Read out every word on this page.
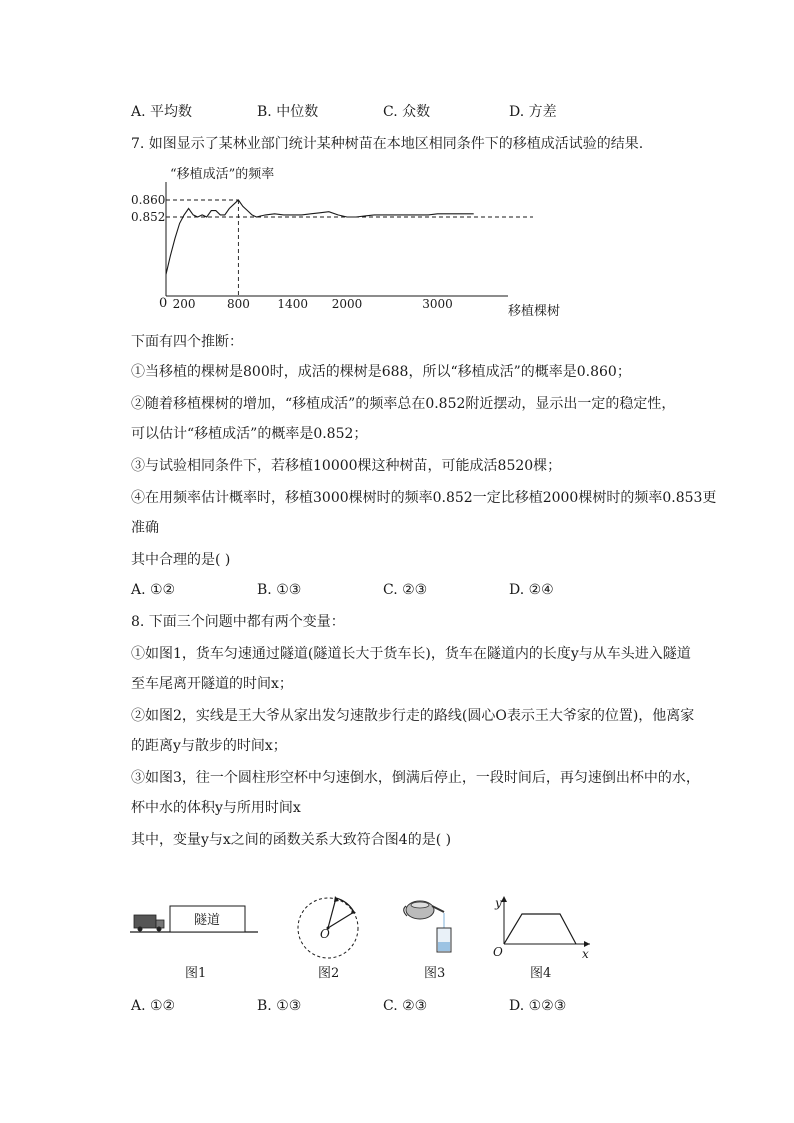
A. 平均数	B. 中位数	C. 众数	D. 方差
7. 如图显示了某林业部门统计某种树苗在本地区相同条件下的移植成活试验的结果.
“移植成活”的频率
移植棵树
0
0.860
0.852
200	800 1400 2000	3000
下面有四个推断：
①当移植的棵树是800时，成活的棵树是688，所以“移植成活”的概率是0.860；
②随着移植棵树的增加，“移植成活”的频率总在0.852附近摆动，显示出一定的稳定性，
可以估计“移植成活”的概率是0.852；
③与试验相同条件下，若移植10000棵这种树苗，可能成活8520棵；
④在用频率估计概率时，移植3000棵树时的频率0.852一定比移植2000棵树时的频率0.853更
准确
其中合理的是( )
A. ①②	B. ①③	C. ②③	D. ②④
8. 下面三个问题中都有两个变量：
①如图1，货车匀速通过隧道(隧道长大于货车长)，货车在隧道内的长度y与从车头进入隧道
至车尾离开隧道的时间x；
②如图2，实线是王大爷从家出发匀速散步行走的路线(圆心O表示王大爷家的位置)，他离家
的距离y与散步的时间x；
③如图3，往一个圆柱形空杯中匀速倒水，倒满后停止，一段时间后，再匀速倒出杯中的水，
杯中水的体积y与所用时间x
其中，变量y与x之间的函数关系大致符合图4的是( )
隧道
O
y
x
O
图1	图2	图3	图4
A. ①②	B. ①③	C. ②③	D. ①②③
